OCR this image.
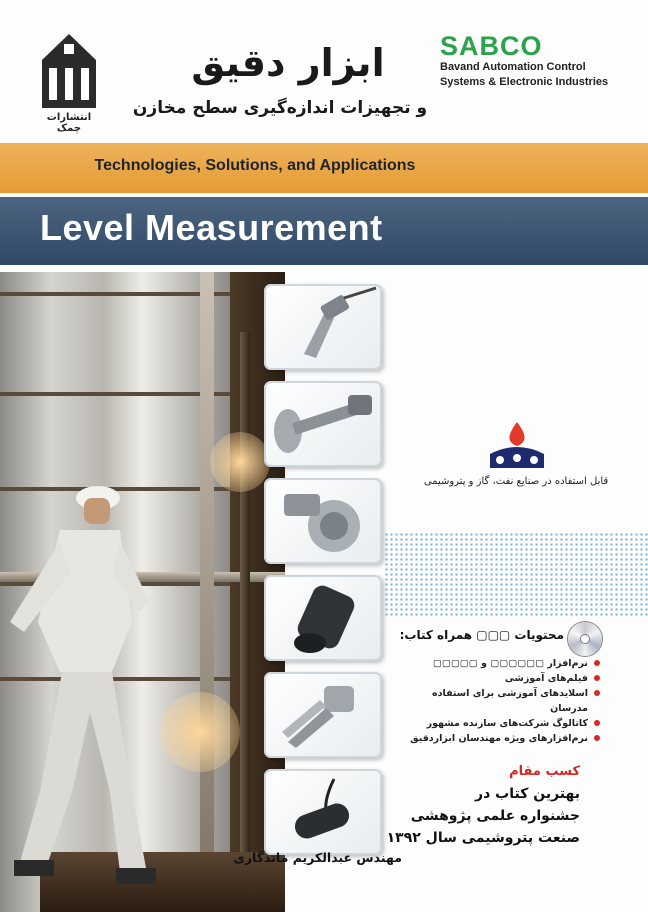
انتشارات چمک
SABCO
Bavand Automation Control
Systems & Electronic Industries
ابزار دقیق
و تجهیزات اندازه‌گیری سطح مخازن
Technologies, Solutions, and Applications
Level Measurement
قابل استفاده در صنایع نفت، گاز و پتروشیمی
محتویات ▢▢▢ همراه کتاب:
نرم‌افزار ▢▢▢▢▢▢ و ▢▢▢▢▢
فیلم‌های آموزشی
اسلایدهای آموزشی برای استفاده مدرسان
کاتالوگ شرکت‌های سازنده مشهور
نرم‌افزارهای ویژه مهندسان ابزاردقیق
کسب مقام
بهترین کتاب در
جشنواره علمی پژوهشی
صنعت پتروشیمی سال ۱۳۹۲
مهندس عبدالکریم ماندگاری
